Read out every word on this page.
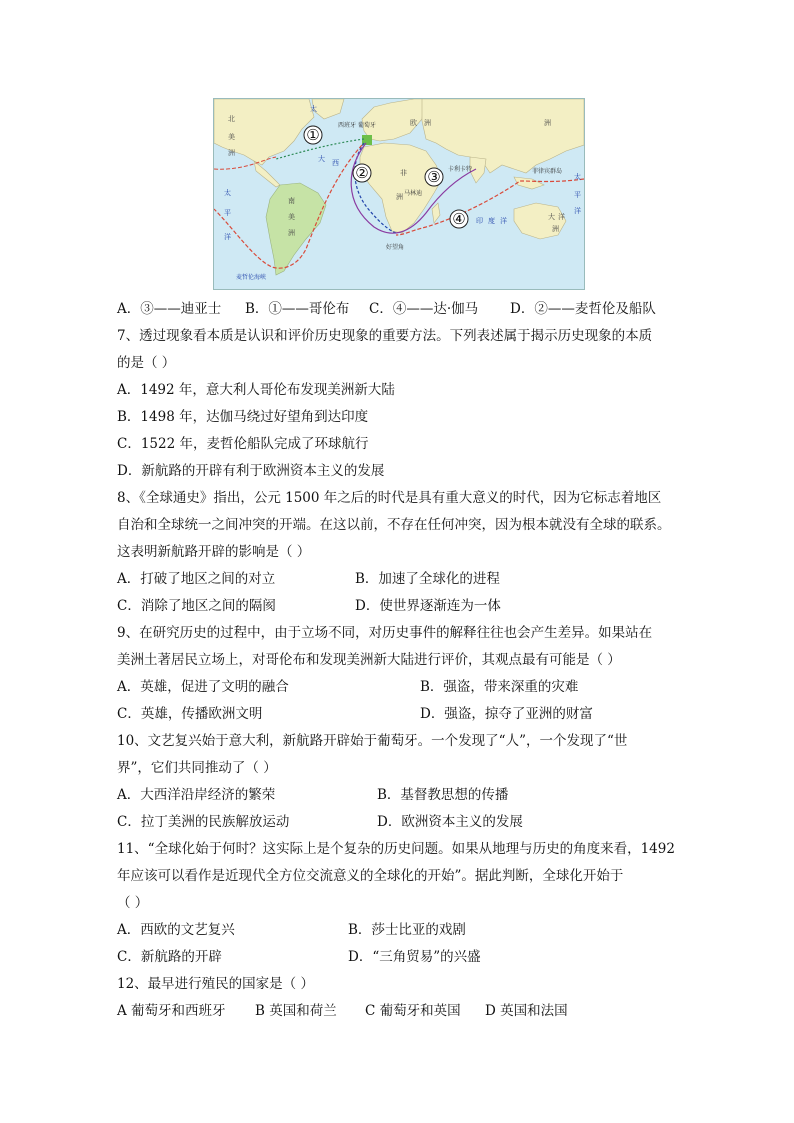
①
②	③
④
西班牙 葡萄牙
好望角
卡利卡特
马林迪
麦哲伦海峡
菲律宾群岛
北
美
洲
南
美
洲
非
洲
欧 洲	洲
大 洋
洲
大 西
太
平
洋
太
平
洋
印 度 洋
太
A．③——迪亚士 B．①——哥伦布 C．④——达·伽马 D．②——麦哲伦及船队
7、透过现象看本质是认识和评价历史现象的重要方法。下列表述属于揭示历史现象的本质
的是（ ）
A．1492 年，意大利人哥伦布发现美洲新大陆
B．1498 年，达伽马绕过好望角到达印度
C．1522 年，麦哲伦船队完成了环球航行
D．新航路的开辟有利于欧洲资本主义的发展
8、《全球通史》指出，公元 1500 年之后的时代是具有重大意义的时代，因为它标志着地区
自治和全球统一之间冲突的开端。在这以前，不存在任何冲突，因为根本就没有全球的联系。
这表明新航路开辟的影响是（ ）
A．打破了地区之间的对立	B．加速了全球化的进程
C．消除了地区之间的隔阂	D．使世界逐渐连为一体
9、在研究历史的过程中，由于立场不同，对历史事件的解释往往也会产生差异。如果站在
美洲土著居民立场上，对哥伦布和发现美洲新大陆进行评价，其观点最有可能是（ ）
A．英雄，促进了文明的融合	B．强盗，带来深重的灾难
C．英雄，传播欧洲文明	D．强盗，掠夺了亚洲的财富
10、文艺复兴始于意大利，新航路开辟始于葡萄牙。一个发现了“人”，一个发现了“世
界”，它们共同推动了（ ）
A．大西洋沿岸经济的繁荣	B．基督教思想的传播
C．拉丁美洲的民族解放运动	D．欧洲资本主义的发展
11、“全球化始于何时？这实际上是个复杂的历史问题。如果从地理与历史的角度来看，1492
年应该可以看作是近现代全方位交流意义的全球化的开始”。据此判断，全球化开始于
（ ）
A．西欧的文艺复兴	B．莎士比亚的戏剧
C．新航路的开辟	D．“三角贸易”的兴盛
12、最早进行殖民的国家是（ ）
A 葡萄牙和西班牙 B 英国和荷兰 C 葡萄牙和英国 D 英国和法国
